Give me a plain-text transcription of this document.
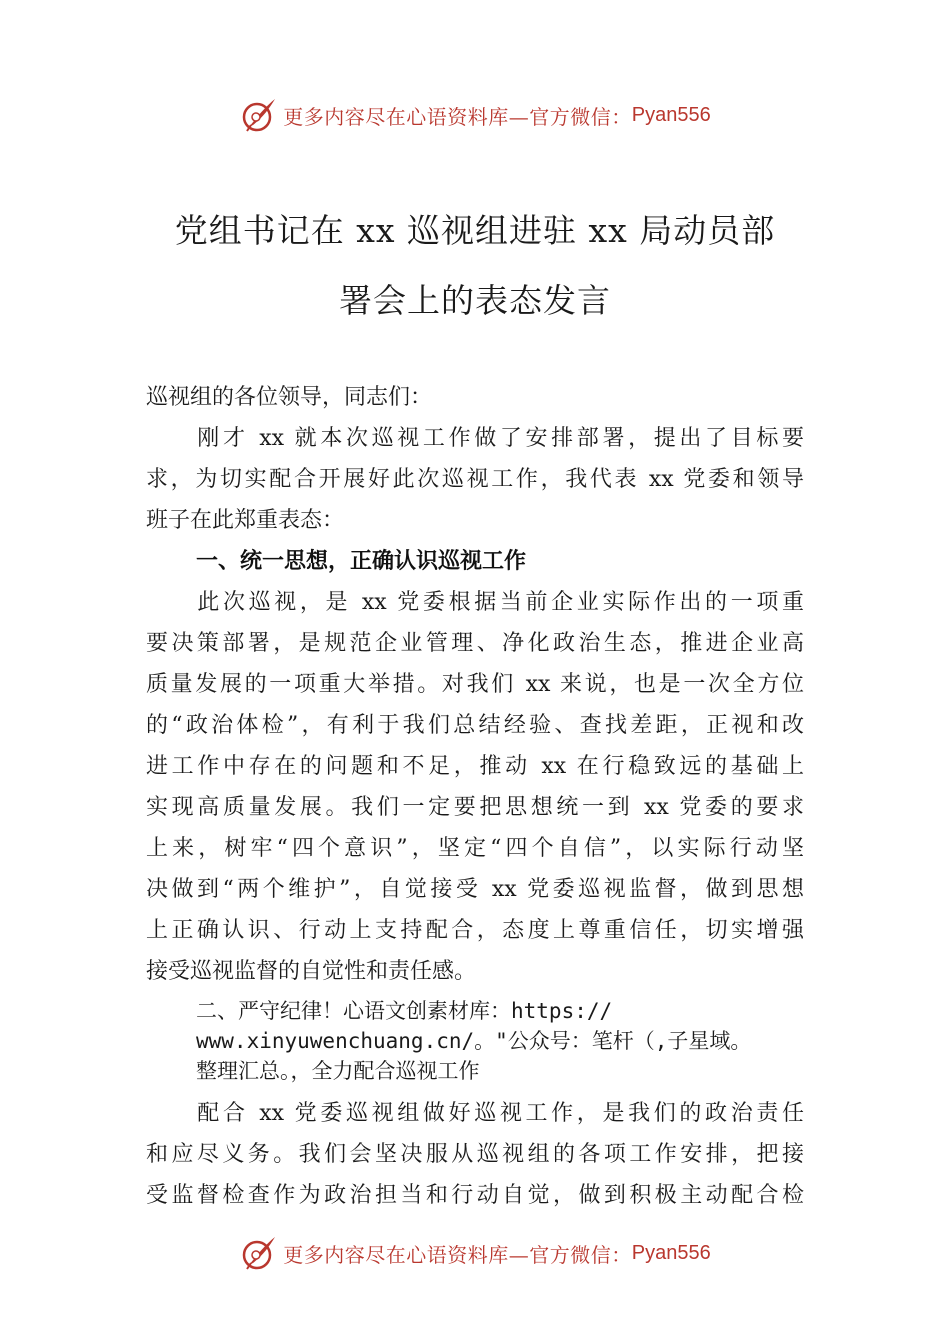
更多内容尽在心语资料库—官方微信： Pyan556
党组书记在 xx 巡视组进驻 xx 局动员部
署会上的表态发言
巡视组的各位领导，同志们：
　　刚才 xx 就本次巡视工作做了安排部署，提出了目标要
求，为切实配合开展好此次巡视工作，我代表 xx 党委和领导
班子在此郑重表态：
一、统一思想，正确认识巡视工作
　　此次巡视，是 xx 党委根据当前企业实际作出的一项重
要决策部署，是规范企业管理、净化政治生态，推进企业高
质量发展的一项重大举措。对我们 xx 来说，也是一次全方位
的“政治体检”，有利于我们总结经验、查找差距，正视和改
进工作中存在的问题和不足，推动 xx 在行稳致远的基础上
实现高质量发展。我们一定要把思想统一到 xx 党委的要求
上来，树牢“四个意识”，坚定“四个自信”，以实际行动坚
决做到“两个维护”，自觉接受 xx 党委巡视监督，做到思想
上正确认识、行动上支持配合，态度上尊重信任，切实增强
接受巡视监督的自觉性和责任感。
二、严守纪律！心语文创素材库：https://
www.xinyuwenchuang.cn/。"公众号：笔杆（,子星域。
整理汇总。，全力配合巡视工作
　　配合 xx 党委巡视组做好巡视工作，是我们的政治责任
和应尽义务。我们会坚决服从巡视组的各项工作安排，把接
受监督检查作为政治担当和行动自觉，做到积极主动配合检
更多内容尽在心语资料库—官方微信： Pyan556
